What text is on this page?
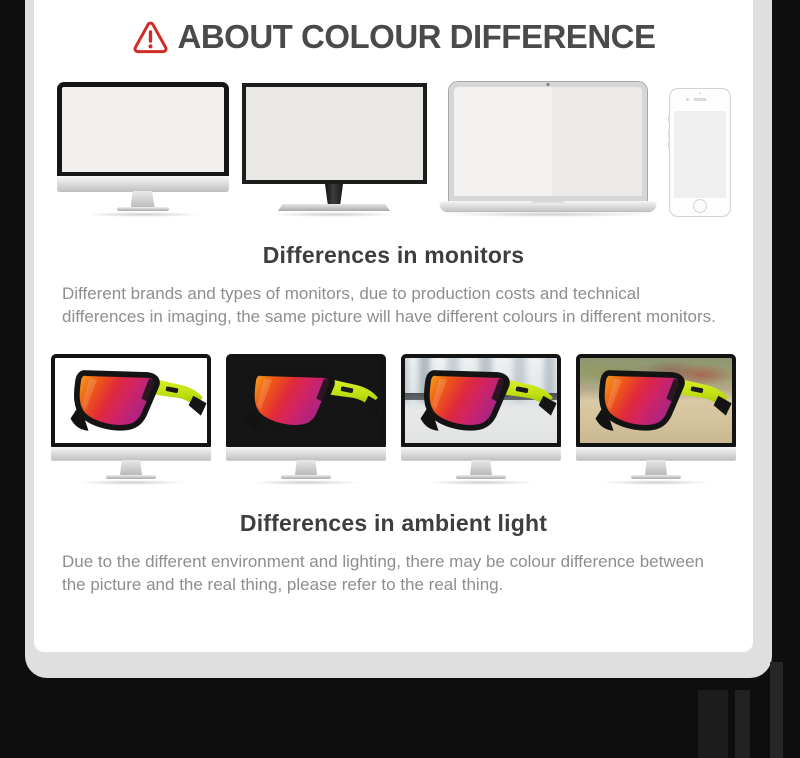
ABOUT COLOUR DIFFERENCE
Differences in monitors

Different brands and types of monitors, due to production costs and technical differences in imaging, the same picture will have different colours in different monitors.

Differences in ambient light

Due to the different environment and lighting, there may be colour difference between the picture and the real thing, please refer to the real thing.
